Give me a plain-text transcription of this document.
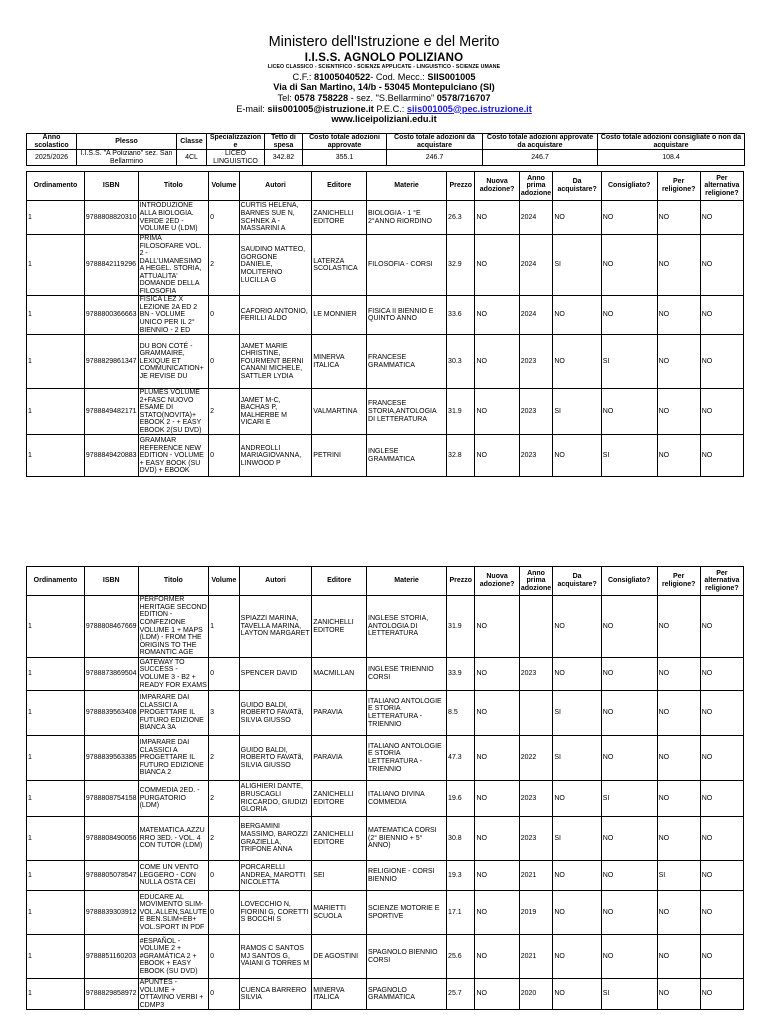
Ministero dell'Istruzione e del Merito
I.I.S.S. AGNOLO POLIZIANO
LICEO CLASSICO - SCIENTIFICO - SCIENZE APPLICATE - LINGUISTICO - SCIENZE UMANE
C.F.: 81005040522- Cod. Mecc.: SIIS001005
Via di San Martino, 14/b - 53045 Montepulciano (SI)
Tel: 0578 758228 - sez. "S.Bellarmino" 0578/716707
E-mail: siis001005@istruzione.it P.E.C.: siis001005@pec.istruzione.it
www.liceipoliziani.edu.it
Anno scolastico	Plesso	Classe	Specializzazione	Tetto di spesa	Costo totale adozioni approvate	Costo totale adozioni da acquistare	Costo totale adozioni approvate da acquistare	Costo totale adozioni consigliate o non da acquistare
2025/2026	I.I.S.S. "A Poliziano" sez. San Bellarmino	4CL	LICEO LINGUISTICO	342.82	355.1	246.7	246.7	108.4
Ordinamento	ISBN	Titolo	Volume	Autori	Editore	Materie	Prezzo	Nuova adozione?	Anno prima adozione	Da acquistare?	Consigliato?	Per religione?	Per alternativa religione?
1	9788808820310	INTRODUZIONE ALLA BIOLOGIA. VERDE 2ED - VOLUME U (LDM)	0	CURTIS HELENA, BARNES SUE N, SCHNEK A - MASSARINI A	ZANICHELLI EDITORE	BIOLOGIA - 1 °E 2°ANNO RIORDINO	26.3	NO	2024	NO	NO	NO	NO
1	9788842119296	PRIMA FILOSOFARE VOL. 2 - DALL'UMANESIMO A HEGEL. STORIA, ATTUALITA' DOMANDE DELLA FILOSOFIA	2	SAUDINO MATTEO, GORGONE DANIELE, MOLITERNO LUCILLA G	LATERZA SCOLASTICA	FILOSOFIA - CORSI	32.9	NO	2024	SI	NO	NO	NO
1	9788800366663	FISICA LEZ X LEZIONE 2A ED 2 BN - VOLUME UNICO PER IL 2° BIENNIO - 2 ED	0	CAFORIO ANTONIO, FERILLI ALDO	LE MONNIER	FISICA II BIENNIO E QUINTO ANNO	33.6	NO	2024	NO	NO	NO	NO
1	9788829861347	DU BON COTÉ - GRAMMAIRE, LEXIQUE ET COMMUNICATION+JE REVISE DU	0	JAMET MARIE CHRISTINE, FOURMENT BERNI CANANI MICHELE, SATTLER LYDIA	MINERVA ITALICA	FRANCESE GRAMMATICA	30.3	NO	2023	NO	SI	NO	NO
1	9788849482171	PLUMES VOLUME 2+FASC NUOVO ESAME DI STATO(NOVITA)+ EBOOK 2 - + EASY EBOOK 2(SU DVD)	2	JAMET M-C, BACHAS P, MALHERBE M VICARI E	VALMARTINA	FRANCESE STORIA,ANTOLOGIA DI LETTERATURA	31.9	NO	2023	SI	NO	NO	NO
1	9788849420883	GRAMMAR REFERENCE NEW EDITION - VOLUME + EASY BOOK (SU DVD) + EBOOK	0	ANDREOLLI MARIAGIOVANNA, LINWOOD P	PETRINI	INGLESE GRAMMATICA	32.8	NO	2023	NO	SI	NO	NO
Ordinamento	ISBN	Titolo	Volume	Autori	Editore	Materie	Prezzo	Nuova adozione?	Anno prima adozione	Da acquistare?	Consigliato?	Per religione?	Per alternativa religione?
1	9788808467669	PERFORMER HERITAGE SECOND EDITION - CONFEZIONE VOLUME 1 + MAPS (LDM) - FROM THE ORIGINS TO THE ROMANTIC AGE	1	SPIAZZI MARINA, TAVELLA MARINA, LAYTON MARGARET	ZANICHELLI EDITORE	INGLESE STORIA, ANTOLOGIA DI LETTERATURA	31.9	NO		NO	NO	NO	NO
1	9788873869504	GATEWAY TO SUCCESS - VOLUME 3 - B2 + READY FOR EXAMS	0	SPENCER DAVID	MACMILLAN	INGLESE TRIENNIO CORSI	33.9	NO	2023	NO	NO	NO	NO
1	9788839563408	IMPARARE DAI CLASSICI A PROGETTARE IL FUTURO EDIZIONE BIANCA 3A	3	GUIDO BALDI, ROBERTO FAVATã, SILVIA GIUSSO	PARAVIA	ITALIANO ANTOLOGIE E STORIA LETTERATURA - TRIENNIO	8.5	NO		SI	NO	NO	NO
1	9788839563385	IMPARARE DAI CLASSICI A PROGETTARE IL FUTURO EDIZIONE BIANCA 2	2	GUIDO BALDI, ROBERTO FAVATã, SILVIA GIUSSO	PARAVIA	ITALIANO ANTOLOGIE E STORIA LETTERATURA - TRIENNIO	47.3	NO	2022	SI	NO	NO	NO
1	9788808754158	COMMEDIA 2ED. - PURGATORIO (LDM)	2	ALIGHIERI DANTE, BRUSCAGLI RICCARDO, GIUDIZI GLORIA	ZANICHELLI EDITORE	ITALIANO DIVINA COMMEDIA	19.6	NO	2023	NO	SI	NO	NO
1	9788808490056	MATEMATICA.AZZURRO 3ED. - VOL. 4 CON TUTOR (LDM)	2	BERGAMINI MASSIMO, BAROZZI GRAZIELLA, TRIFONE ANNA	ZANICHELLI EDITORE	MATEMATICA CORSI (2° BIENNIO + 5° ANNO)	30.8	NO	2023	SI	NO	NO	NO
1	9788805078547	COME UN VENTO LEGGERO - CON NULLA OSTA CEI	0	PORCARELLI ANDREA, MAROTTI NICOLETTA	SEI	RELIGIONE - CORSI BIENNIO	19.3	NO	2021	NO	NO	SI	NO
1	9788839303912	EDUCARE AL MOVIMENTO SLIM-VOL.ALLEN,SALUTE E BEN.SLIM+EB+ VOL.SPORT IN PDF	0	LOVECCHIO N, FIORINI G, CORETTI S BOCCHI S	MARIETTI SCUOLA	SCIENZE MOTORIE E SPORTIVE	17.1	NO	2019	NO	NO	NO	NO
1	9788851160203	#ESPAÑOL - VOLUME 2 + #GRAMÁTICA 2 + EBOOK + EASY EBOOK (SU DVD)	0	RAMOS C SANTOS MJ SANTOS G, VAIANI G TORRES M	DE AGOSTINI	SPAGNOLO BIENNIO CORSI	25.6	NO	2021	NO	NO	NO	NO
1	9788829858972	APUNTES - VOLUME + OTTAVINO VERBI + CDMP3	0	CUENCA BARRERO SILVIA	MINERVA ITALICA	SPAGNOLO GRAMMATICA	25.7	NO	2020	NO	SI	NO	NO
